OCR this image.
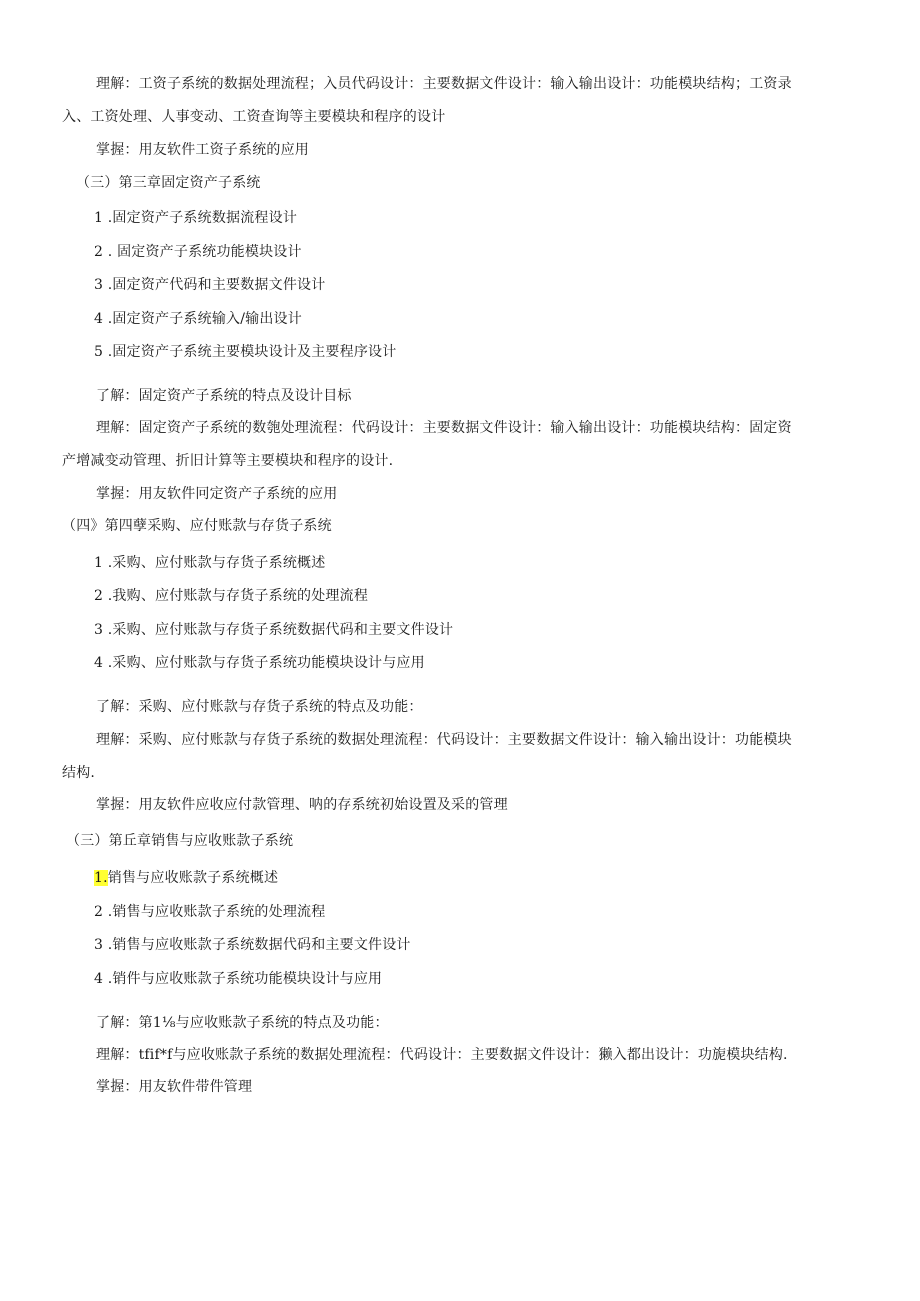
理解：工资子系统的数据处理流程；入员代码设计：主要数据文件设计：输入输出设计：功能模块结构；工资录
入、工资处理、人事变动、工资查询等主要模块和程序的设计
掌握：用友软件工资子系统的应用
（三）第三章固定资产子系统
1 .固定资产子系统数据流程设计
2 . 固定资产子系统功能模块设计
3 .固定资产代码和主要数据文件设计
4 .固定资产子系统输入/输出设计
5 .固定资产子系统主要模块设计及主要程序设计
了解：固定资产子系统的特点及设计目标
理解：固定资产子系统的数匏处理流程：代码设计：主要数据文件设计：输入输出设计：功能模块结构：固定资
产增减变动管理、折旧计算等主要模块和程序的设计.
掌握：用友软件冋定资产子系统的应用
（四》第四孽采购、应付账款与存货子系统
1 .采购、应付账款与存货子系统概述
2 .我购、应付账款与存货子系统的处理流程
3 .采购、应付账款与存货子系统数据代码和主要文件设计
4 .采购、应付账款与存货子系统功能模块设计与应用
了解：采购、应付账款与存货子系统的特点及功能：
理解：采购、应付账款与存货子系统的数据处理流程：代码设计：主要数据文件设计：输入输出设计：功能模块
结构.
掌握：用友软件应收应付款管理、呐的存系统初始设置及采的管理
（三）第丘章销售与应收账款子系统
1.销售与应收账款子系统概述
2 .销售与应收账款子系统的处理流程
3 .销售与应收账款子系统数据代码和主要文件设计
4 .销件与应收账款子系统功能模块设计与应用
了解：第1⅛与应收账款子系统的特点及功能：
理解：tfif*f与应收账款子系统的数据处理流程：代码设计：主要数据文件设计：獭入都出设计：功旎模块结构.
掌握：用友软件带件管理
